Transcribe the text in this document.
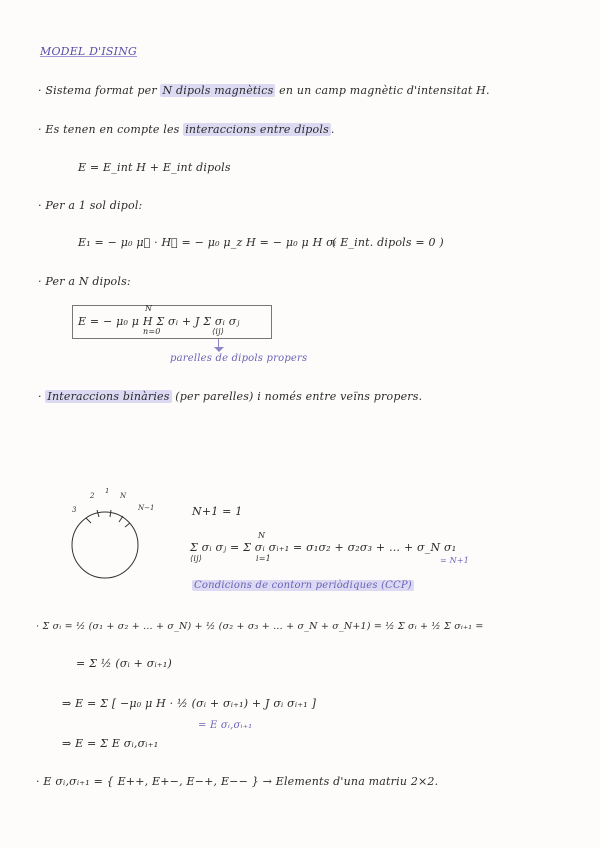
MODEL D'ISING
· Sistema format per N dipols magnètics en un camp magnètic d'intensitat H.
· Es tenen en compte les interaccions entre dipols .
E = E_int H + E_int dipols
· Per a 1 sol dipol:
E₁ = − μ₀ μ⃗ · H⃗ = − μ₀ μ_z H = − μ₀ μ H σᵢ
( E_int. dipols = 0 )
· Per a N dipols:
E = − μ₀ μ H Σ σᵢ + J Σ σᵢ σⱼ
N
n=0	⟨ij⟩
parelles de dipols propers
· Interaccions binàries (per parelles) i només entre veïns propers.
2
1
N
3	N−1	N+1 = 1
Σ σᵢ σⱼ = Σ σᵢ σᵢ₊₁ = σ₁σ₂ + σ₂σ₃ + … + σ_N σ₁
⟨ij⟩
N
i=1	= N+1
Condicions de contorn periòdiques (CCP)
· Σ σᵢ = ½ (σ₁ + σ₂ + … + σ_N) + ½ (σ₂ + σ₃ + … + σ_N + σ_N+1) = ½ Σ σᵢ + ½ Σ σᵢ₊₁ =
= Σ ½ (σᵢ + σᵢ₊₁)
⇒ E = Σ [ −μ₀ μ H · ½ (σᵢ + σᵢ₊₁) + J σᵢ σᵢ₊₁ ]
= E σᵢ,σᵢ₊₁
⇒ E = Σ E σᵢ,σᵢ₊₁
· E σᵢ,σᵢ₊₁ = { E++, E+−, E−+, E−− } → Elements d'una matriu 2×2.
